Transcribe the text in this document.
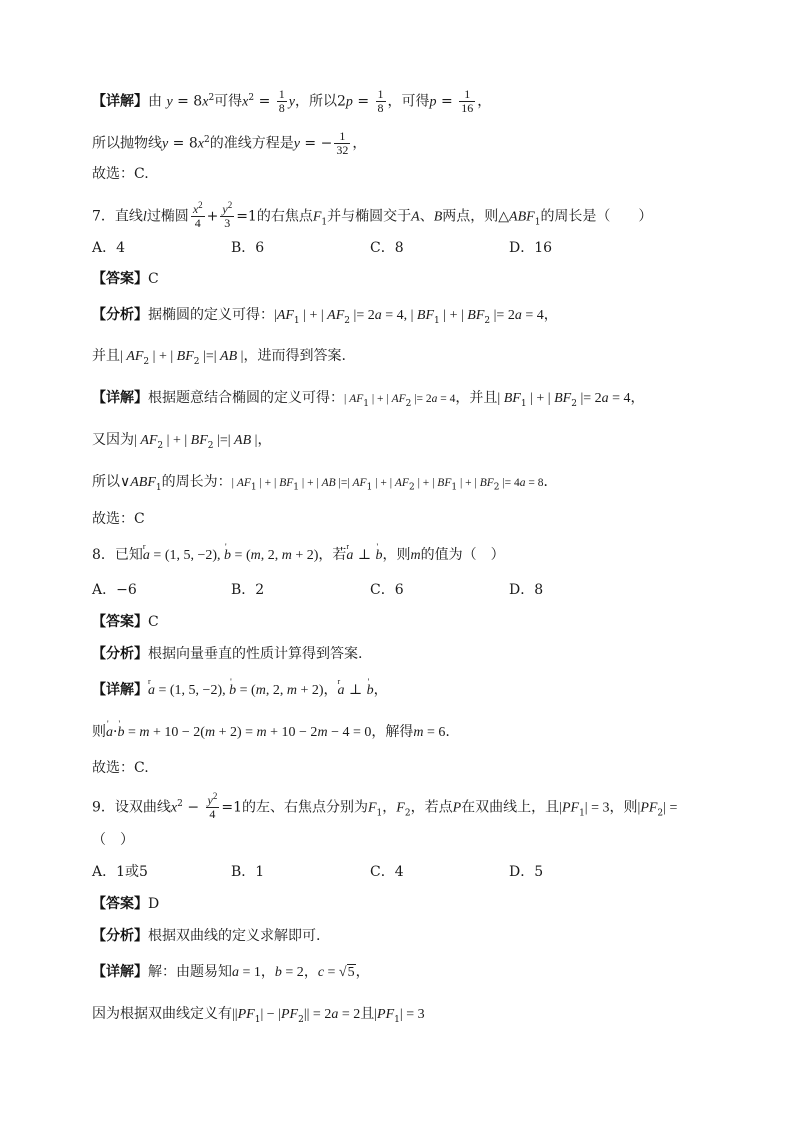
【详解】由 $y = 8x^2$可得$x^2 = \frac{1}{8}$ y，所以$2p = \frac{1}{8}$ ，可得$p = \frac{1}{16}$ ，
所以抛物线$y = 8x^2$的准线方程是y = − $\frac{1}{32}$ ，
故选：C.
7．直线l过椭圆 $\frac{x^2}{4} + \frac{y^2}{3} =1$的右焦点$F_1$并与椭圆交于A、B两点，则$\triangle ABF_1$的周长是（　　）
A．4	B．6	C．8	D．16
【答案】C
【分析】据椭圆的定义可得：$|AF_1$ | + | $AF_2$ |= 2a = 4, | $BF_1$ | + | $BF_2$ |= 2a = 4，
并且| $AF_2$ | + | $BF_2$ |=| AB |，进而得到答案.
【详解】根据题意结合椭圆的定义可得：| $AF_1$ | + | $AF_2$ |= 2a = 4，并且| $BF_1$ | + | $BF_2$ |= 2a = 4，
又因为| $AF_2$ | + | $BF_2$ |=| AB |，
所以$\vee ABF_1$的周长为：| $AF_1$ | + | $BF_1$ | + | AB |=| $AF_1$ | + | $AF_2$ | + | $BF_1$ | + | $BF_2$ |= 4a = 8．
故选：C
8．已知r a = (1, 5, −2), ' b = (m, 2, m + 2)，若r a ⊥ ' b，则m的值为（　）
A．−6	B．2	C．6	D．8
【答案】C
【分析】根据向量垂直的性质计算得到答案.
【详解】r a = (1, 5, −2), ' b = (m, 2, m + 2)，r a ⊥ ' b，
则' a·' b = m + 10 − 2(m + 2) = m + 10 − 2m − 4 = 0，解得m = 6.
故选：C.
9．设双曲线$x^2 - \frac{y^2}{4} =1$的左、右焦点分别为$F_1$，$F_2$，若点P在双曲线上，且$|PF_1| = 3$，则$|PF_2|$ =
（　）
A．1或5	B．1	C．4	D．5
【答案】D
【分析】根据双曲线的定义求解即可.
【详解】解：由题易知a = 1，b = 2，c = √5，
因为根据双曲线定义有$||PF_1| - |PF_2|| = 2a = 2$且$|PF_1| = 3$
